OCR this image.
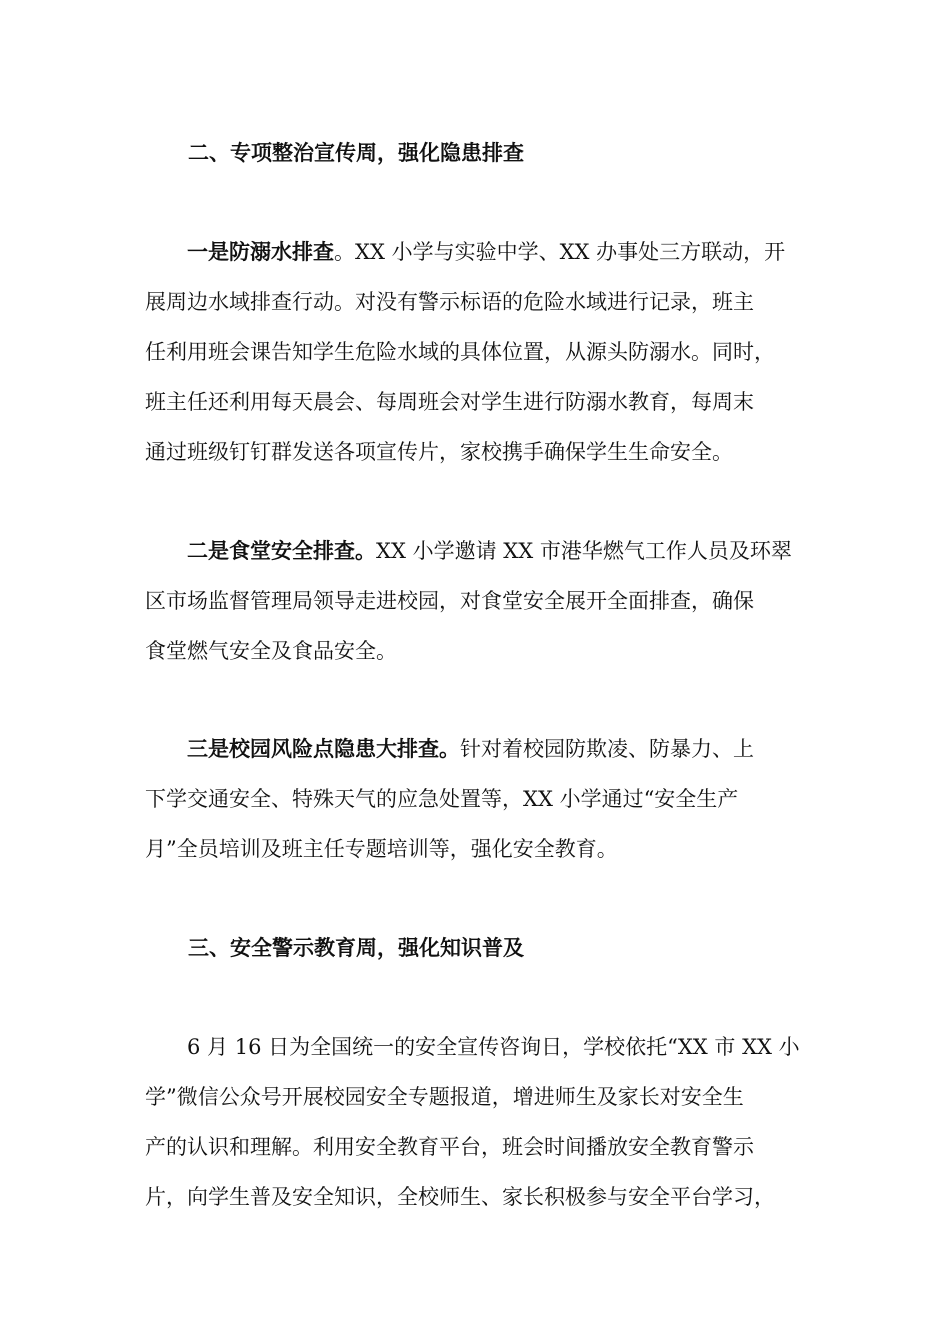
二、专项整治宣传周，强化隐患排查
一是防溺水排查。XX 小学与实验中学、XX 办事处三方联动，开
展周边水域排查行动。对没有警示标语的危险水域进行记录，班主
任利用班会课告知学生危险水域的具体位置，从源头防溺水。同时，
班主任还利用每天晨会、每周班会对学生进行防溺水教育，每周末
通过班级钉钉群发送各项宣传片，家校携手确保学生生命安全。
二是食堂安全排查。XX 小学邀请 XX 市港华燃气工作人员及环翠
区市场监督管理局领导走进校园，对食堂安全展开全面排查，确保
食堂燃气安全及食品安全。
三是校园风险点隐患大排查。针对着校园防欺凌、防暴力、上
下学交通安全、特殊天气的应急处置等，XX 小学通过“安全生产
月”全员培训及班主任专题培训等，强化安全教育。
三、安全警示教育周，强化知识普及
6 月 16 日为全国统一的安全宣传咨询日，学校依托“XX 市 XX 小
学”微信公众号开展校园安全专题报道，增进师生及家长对安全生
产的认识和理解。利用安全教育平台，班会时间播放安全教育警示
片，向学生普及安全知识，全校师生、家长积极参与安全平台学习，
